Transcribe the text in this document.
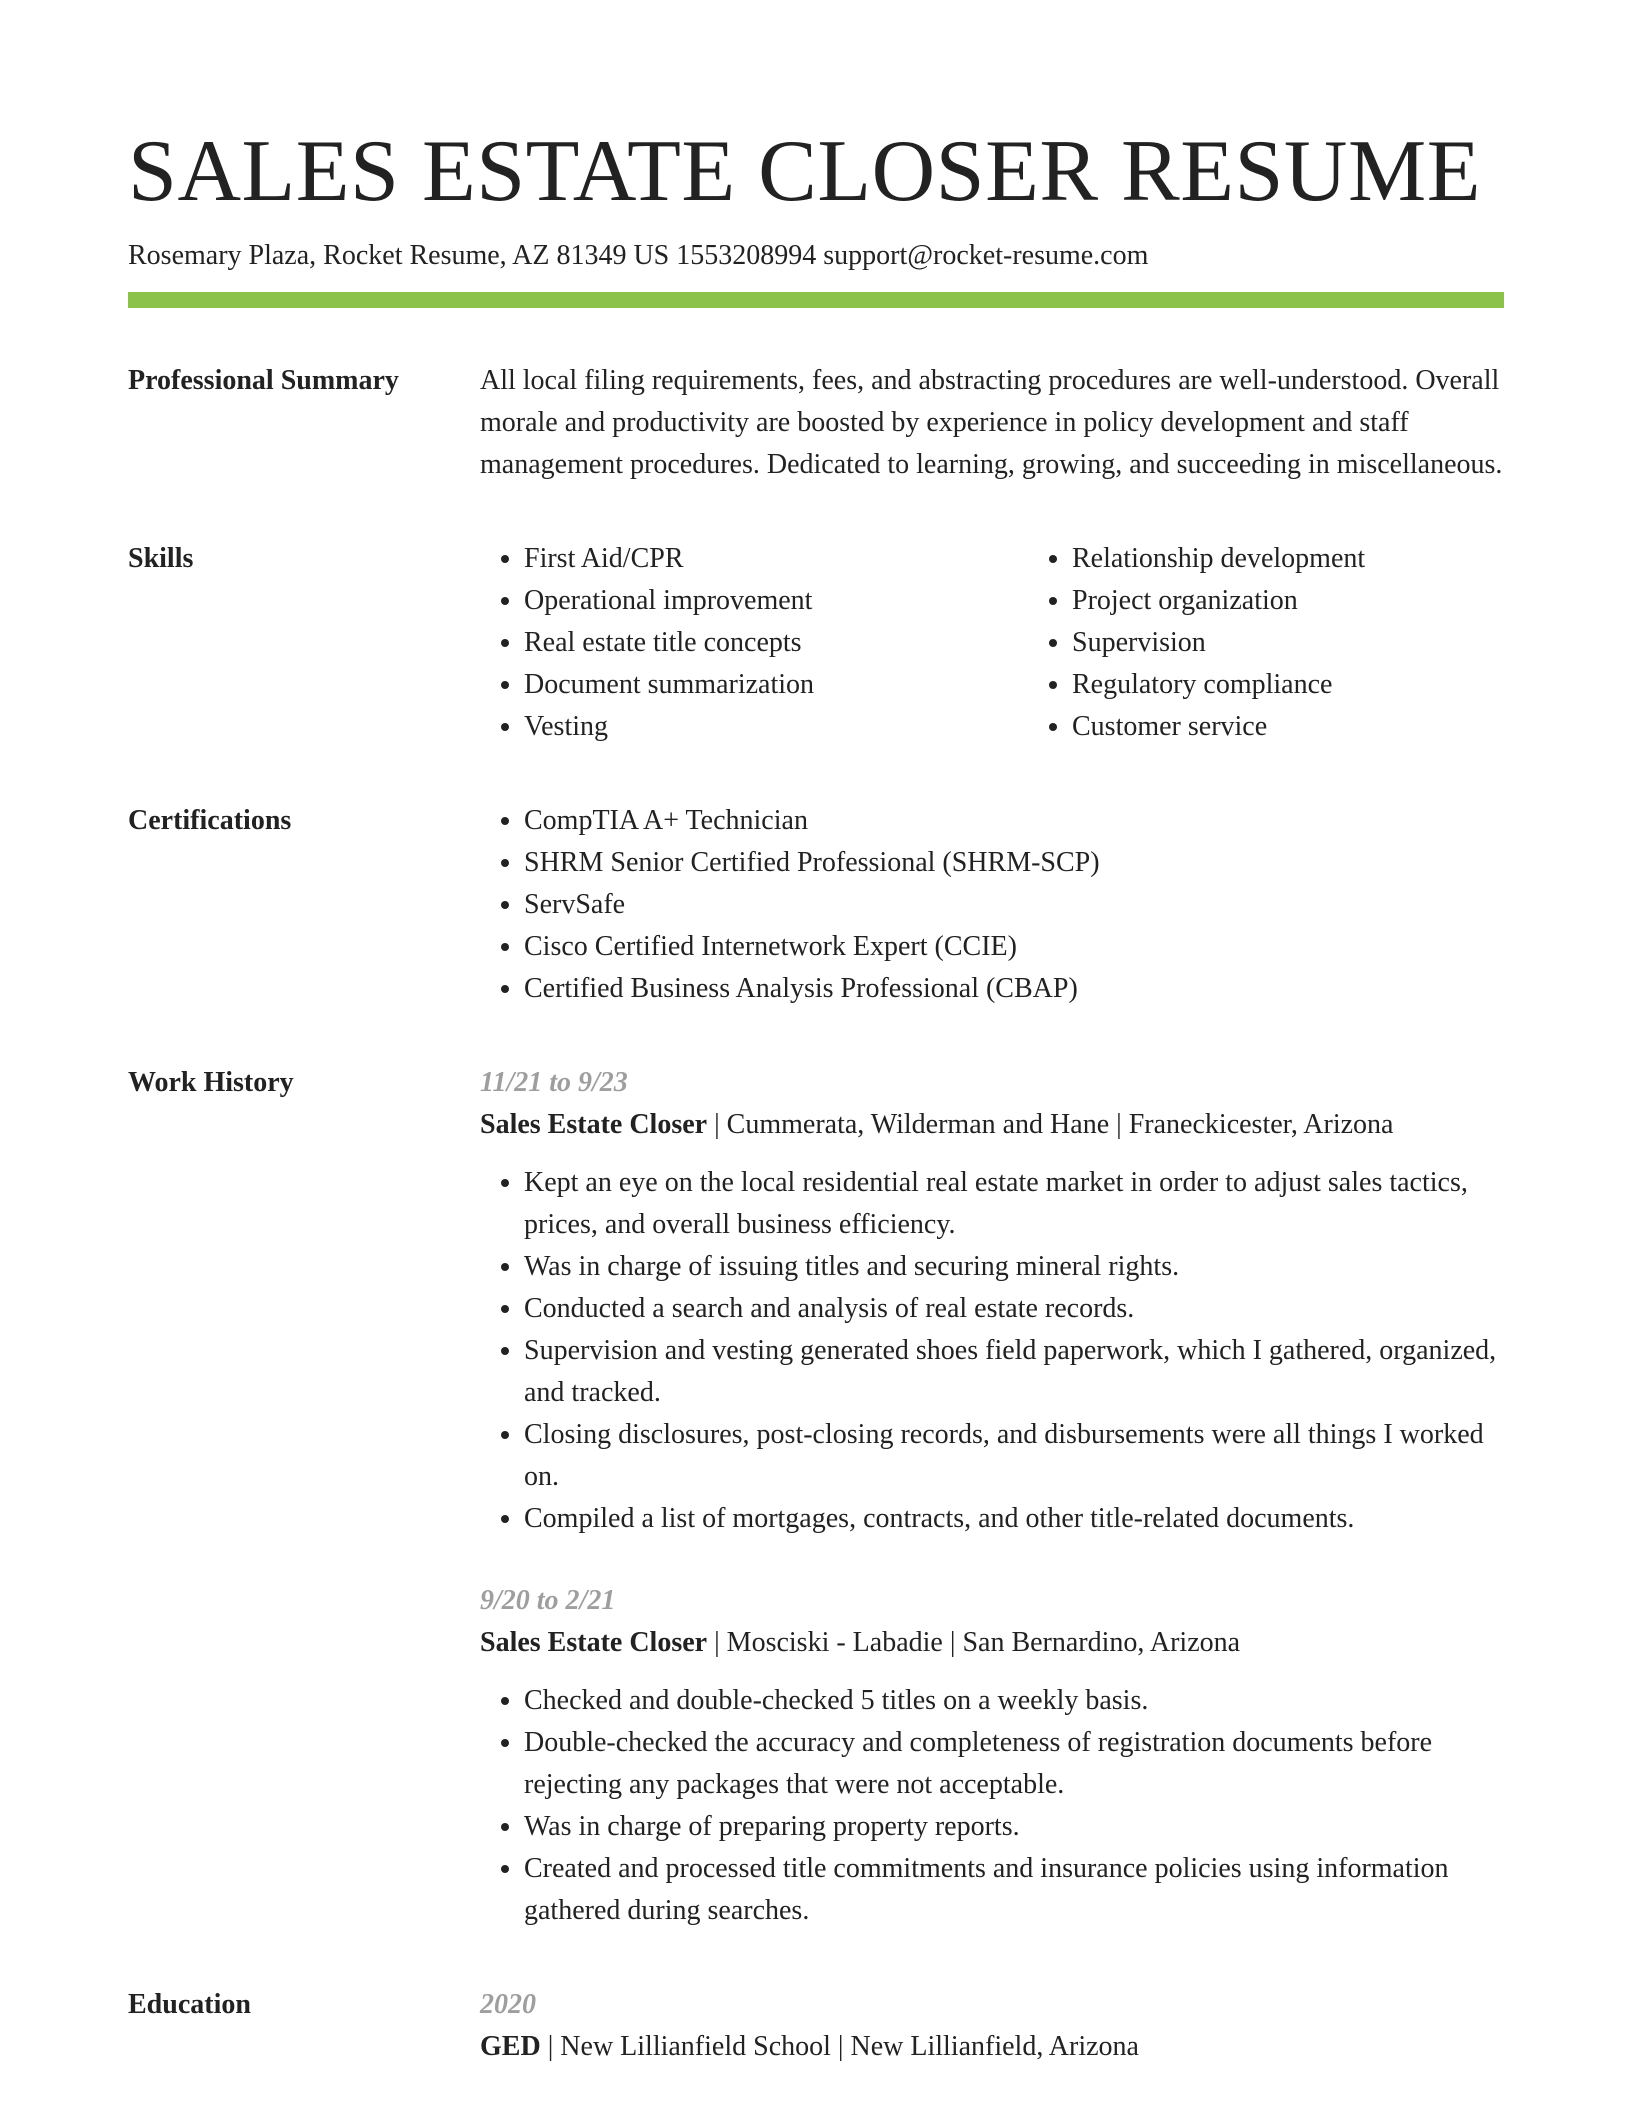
SALES ESTATE CLOSER RESUME
Rosemary Plaza, Rocket Resume, AZ 81349 US 1553208994 support@rocket-resume.com
Professional Summary	All local filing requirements, fees, and abstracting procedures are well-understood. Overall morale and productivity are boosted by experience in policy development and staff management procedures. Dedicated to learning, growing, and succeeding in miscellaneous.

Skills	• First Aid/CPR
• Operational improvement
• Real estate title concepts
• Document summarization
• Vesting
• Relationship development
• Project organization
• Supervision
• Regulatory compliance
• Customer service
Certifications	• CompTIA A+ Technician
• SHRM Senior Certified Professional (SHRM-SCP)
• ServSafe
• Cisco Certified Internetwork Expert (CCIE)
• Certified Business Analysis Professional (CBAP)
Work History	11/21 to 9/23
Sales Estate Closer | Cummerata, Wilderman and Hane | Franeckicester, Arizona
• Kept an eye on the local residential real estate market in order to adjust sales tactics, prices, and overall business efficiency.
• Was in charge of issuing titles and securing mineral rights.
• Conducted a search and analysis of real estate records.
• Supervision and vesting generated shoes field paperwork, which I gathered, organized, and tracked.
• Closing disclosures, post-closing records, and disbursements were all things I worked on.
• Compiled a list of mortgages, contracts, and other title-related documents.
9/20 to 2/21
Sales Estate Closer | Mosciski - Labadie | San Bernardino, Arizona
• Checked and double-checked 5 titles on a weekly basis.
• Double-checked the accuracy and completeness of registration documents before rejecting any packages that were not acceptable.
• Was in charge of preparing property reports.
• Created and processed title commitments and insurance policies using information gathered during searches.
Education	2020
GED | New Lillianfield School | New Lillianfield, Arizona
